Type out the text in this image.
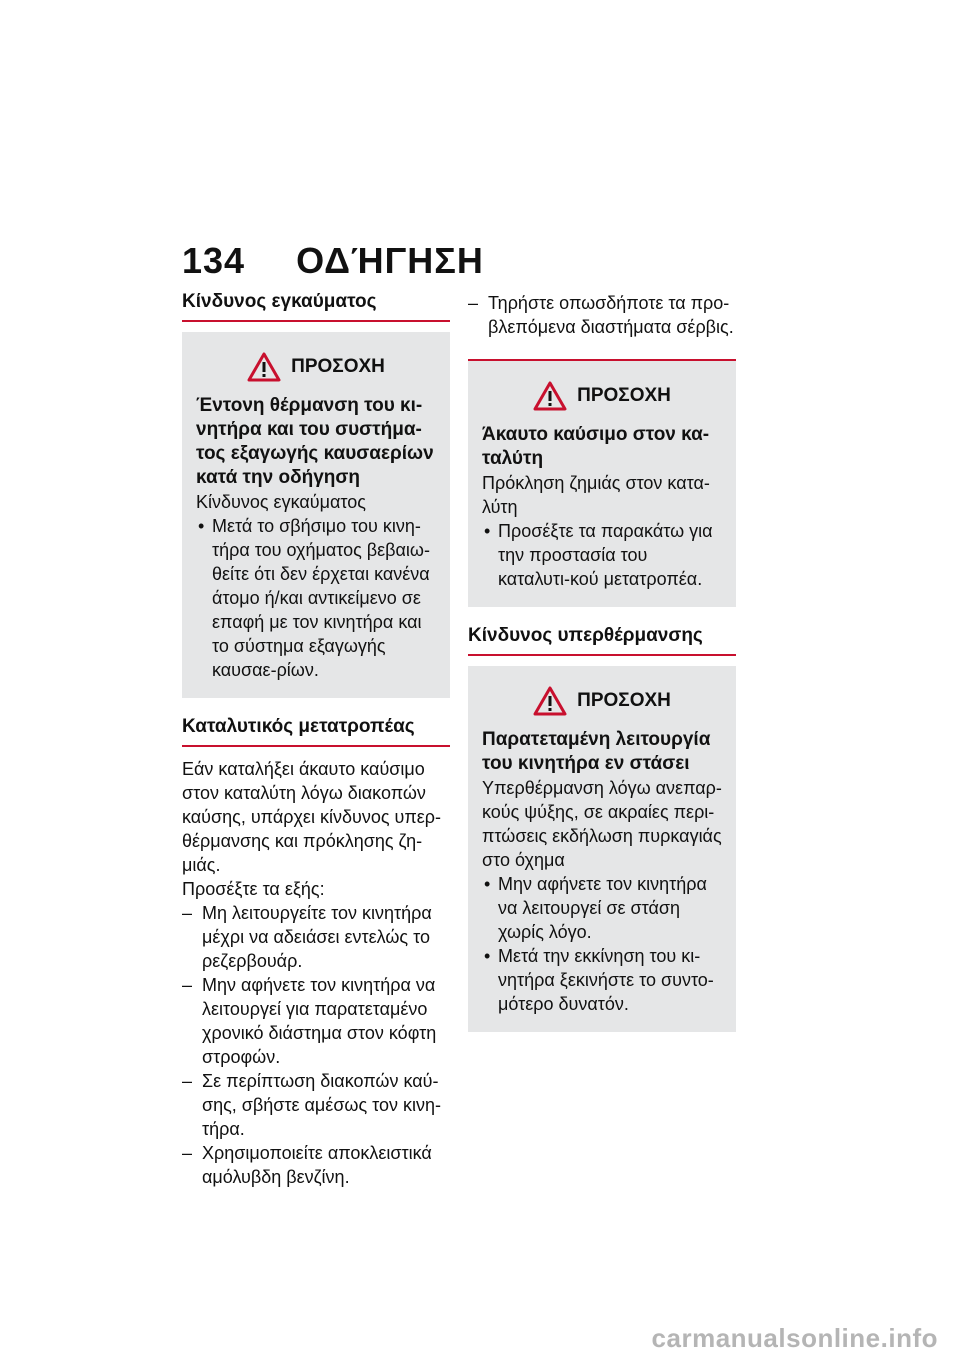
134 ΟΔΉΓΗΣΗ
Κίνδυνος εγκαύματος
ΠΡΟΣΟΧΗ
Έντονη θέρμανση του κι-νητήρα και του συστήμα-τος εξαγωγής καυσαερίων κατά την οδήγηση

Κίνδυνος εγκαύματος

• Μετά το σβήσιμο του κινη-τήρα του οχήματος βεβαιω-θείτε ότι δεν έρχεται κανένα άτομο ή/και αντικείμενο σε επαφή με τον κινητήρα και το σύστημα εξαγωγής καυσαε-ρίων.
Καταλυτικός μετατροπέας

Εάν καταλήξει άκαυτο καύσιμο στον καταλύτη λόγω διακοπών καύσης, υπάρχει κίνδυνος υπερ-θέρμανσης και πρόκλησης ζη-μιάς.

Προσέξτε τα εξής:

– Μη λειτουργείτε τον κινητήρα μέχρι να αδειάσει εντελώς το ρεζερβουάρ.
– Μην αφήνετε τον κινητήρα να λειτουργεί για παρατεταμένο χρονικό διάστημα στον κόφτη στροφών.
– Σε περίπτωση διακοπών καύ-σης, σβήστε αμέσως τον κινη-τήρα.
– Χρησιμοποιείτε αποκλειστικά αμόλυβδη βενζίνη.
– Τηρήστε οπωσδήποτε τα προ-βλεπόμενα διαστήματα σέρβις.
ΠΡΟΣΟΧΗ
Άκαυτο καύσιμο στον κα-ταλύτη

Πρόκληση ζημιάς στον κατα-λύτη

• Προσέξτε τα παρακάτω για την προστασία του καταλυτι-κού μετατροπέα.
Κίνδυνος υπερθέρμανσης
ΠΡΟΣΟΧΗ
Παρατεταμένη λειτουργία του κινητήρα εν στάσει

Υπερθέρμανση λόγω ανεπαρ-κούς ψύξης, σε ακραίες περι-πτώσεις εκδήλωση πυρκαγιάς στο όχημα

• Μην αφήνετε τον κινητήρα να λειτουργεί σε στάση χωρίς λόγο.
• Μετά την εκκίνηση του κι-νητήρα ξεκινήστε το συντο-μότερο δυνατόν.
carmanualsonline.info
